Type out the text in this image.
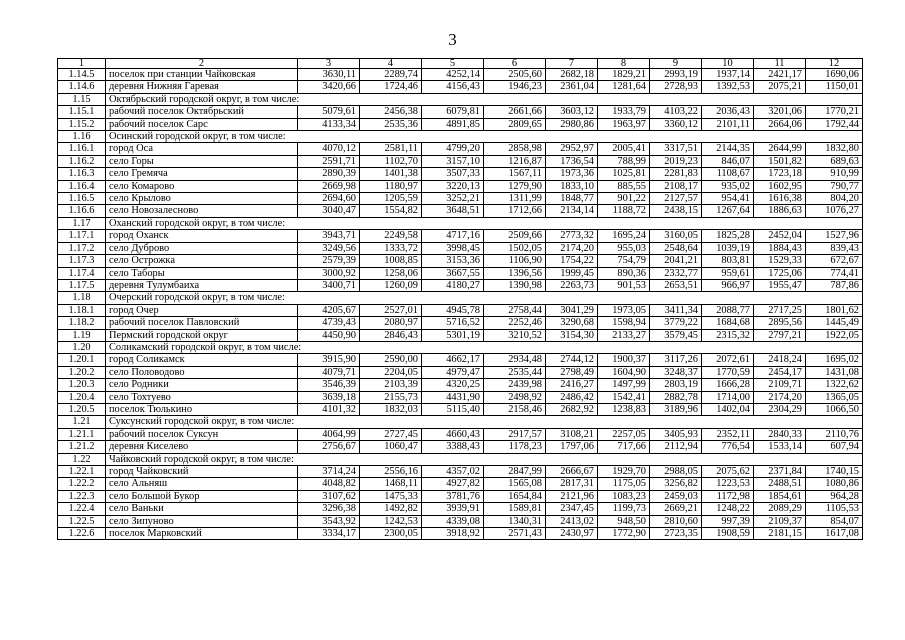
3
1	2	3	4	5	6	7	8	9	10	11	12
1.14.5	поселок при станции Чайковская	3630,11	2289,74	4252,14	2505,60	2682,18	1829,21	2993,19	1937,14	2421,17	1690,06
1.14.6	деревня Нижняя Гаревая	3420,66	1724,46	4156,43	1946,23	2361,04	1281,64	2728,93	1392,53	2075,21	1150,01
1.15	Октябрьский городской округ, в том числе:										
1.15.1	рабочий поселок Октябрьский	5079,61	2456,38	6079,81	2661,66	3603,12	1933,79	4103,22	2036,43	3201,06	1770,21
1.15.2	рабочий поселок Сарс	4133,34	2535,36	4891,85	2809,65	2980,86	1963,97	3360,12	2101,11	2664,06	1792,44
1.16	Осинский городской округ, в том числе:										
1.16.1	город Оса	4070,12	2581,11	4799,20	2858,98	2952,97	2005,41	3317,51	2144,35	2644,99	1832,80
1.16.2	село Горы	2591,71	1102,70	3157,10	1216,87	1736,54	788,99	2019,23	846,07	1501,82	689,63
1.16.3	село Гремяча	2890,39	1401,38	3507,33	1567,11	1973,36	1025,81	2281,83	1108,67	1723,18	910,99
1.16.4	село Комарово	2669,98	1180,97	3220,13	1279,90	1833,10	885,55	2108,17	935,02	1602,95	790,77
1.16.5	село Крылово	2694,60	1205,59	3252,21	1311,99	1848,77	901,22	2127,57	954,41	1616,38	804,20
1.16.6	село Новозалесново	3040,47	1554,82	3648,51	1712,66	2134,14	1188,72	2438,15	1267,64	1886,63	1076,27
1.17	Оханский городской округ, в том числе:										
1.17.1	город Оханск	3943,71	2249,58	4717,16	2509,66	2773,32	1695,24	3160,05	1825,28	2452,04	1527,96
1.17.2	село Дуброво	3249,56	1333,72	3998,45	1502,05	2174,20	955,03	2548,64	1039,19	1884,43	839,43
1.17.3	село Острожка	2579,39	1008,85	3153,36	1106,90	1754,22	754,79	2041,21	803,81	1529,33	672,67
1.17.4	село Таборы	3000,92	1258,06	3667,55	1396,56	1999,45	890,36	2332,77	959,61	1725,06	774,41
1.17.5	деревня Тулумбаиха	3400,71	1260,09	4180,27	1390,98	2263,73	901,53	2653,51	966,97	1955,47	787,86
1.18	Очерский городской округ, в том числе:										
1.18.1	город Очер	4205,67	2527,01	4945,78	2758,44	3041,29	1973,05	3411,34	2088,77	2717,25	1801,62
1.18.2	рабочий поселок Павловский	4739,43	2080,97	5716,52	2252,46	3290,68	1598,94	3779,22	1684,68	2895,56	1445,49
1.19	Пермский городской округ	4450,90	2846,43	5301,19	3210,52	3154,30	2133,27	3579,45	2315,32	2797,21	1922,05
1.20	Соликамский городской округ, в том числе:										
1.20.1	город Соликамск	3915,90	2590,00	4662,17	2934,48	2744,12	1900,37	3117,26	2072,61	2418,24	1695,02
1.20.2	село Половодово	4079,71	2204,05	4979,47	2535,44	2798,49	1604,90	3248,37	1770,59	2454,17	1431,08
1.20.3	село Родники	3546,39	2103,39	4320,25	2439,98	2416,27	1497,99	2803,19	1666,28	2109,71	1322,62
1.20.4	село Тохтуево	3639,18	2155,73	4431,90	2498,92	2486,42	1542,41	2882,78	1714,00	2174,20	1365,05
1.20.5	поселок Тюлькино	4101,32	1832,03	5115,40	2158,46	2682,92	1238,83	3189,96	1402,04	2304,29	1066,50
1.21	Суксунский городской округ, в том числе:										
1.21.1	рабочий поселок Суксун	4064,99	2727,45	4660,43	2917,57	3108,21	2257,05	3405,93	2352,11	2840,33	2110,76
1.21.2	деревня Киселево	2756,67	1060,47	3388,43	1178,23	1797,06	717,66	2112,94	776,54	1533,14	607,94
1.22	Чайковский городской округ, в том числе:										
1.22.1	город Чайковский	3714,24	2556,16	4357,02	2847,99	2666,67	1929,70	2988,05	2075,62	2371,84	1740,15
1.22.2	село Альняш	4048,82	1468,11	4927,82	1565,08	2817,31	1175,05	3256,82	1223,53	2488,51	1080,86
1.22.3	село Большой Букор	3107,62	1475,33	3781,76	1654,84	2121,96	1083,23	2459,03	1172,98	1854,61	964,28
1.22.4	село Ваньки	3296,38	1492,82	3939,91	1589,81	2347,45	1199,73	2669,21	1248,22	2089,29	1105,53
1.22.5	село Зипуново	3543,92	1242,53	4339,08	1340,31	2413,02	948,50	2810,60	997,39	2109,37	854,07
1.22.6	поселок Марковский	3334,17	2300,05	3918,92	2571,43	2430,97	1772,90	2723,35	1908,59	2181,15	1617,08
